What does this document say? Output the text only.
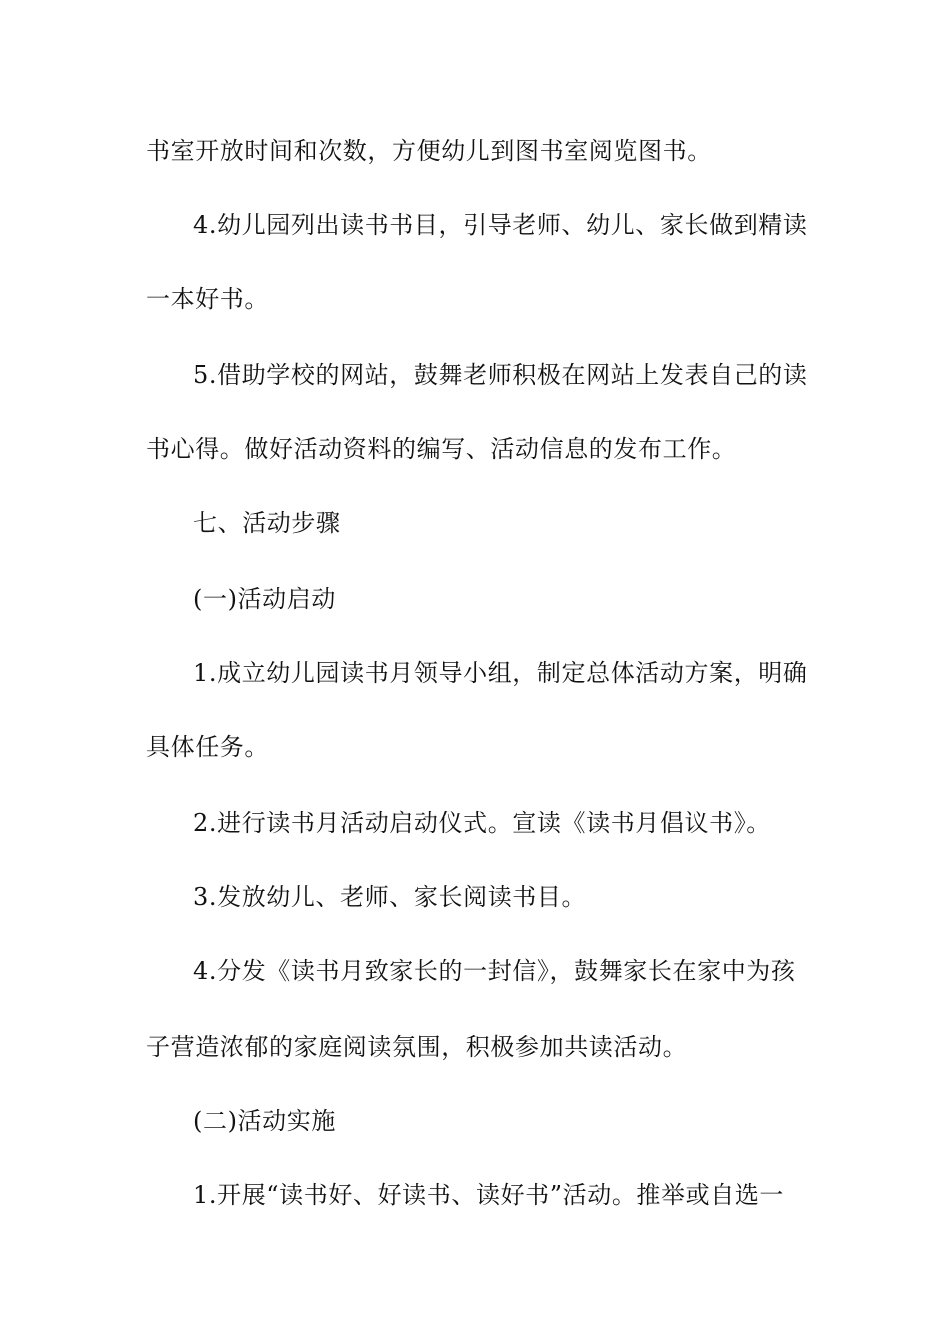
书室开放时间和次数，方便幼儿到图书室阅览图书。
4.幼儿园列出读书书目，引导老师、幼儿、家长做到精读
一本好书。
5.借助学校的网站，鼓舞老师积极在网站上发表自己的读
书心得。做好活动资料的编写、活动信息的发布工作。
七、活动步骤
(一)活动启动
1.成立幼儿园读书月领导小组，制定总体活动方案，明确
具体任务。
2.进行读书月活动启动仪式。宣读《读书月倡议书》。
3.发放幼儿、老师、家长阅读书目。
4.分发《读书月致家长的一封信》，鼓舞家长在家中为孩
子营造浓郁的家庭阅读氛围，积极参加共读活动。
(二)活动实施
1.开展“读书好、好读书、读好书”活动。推举或自选一
